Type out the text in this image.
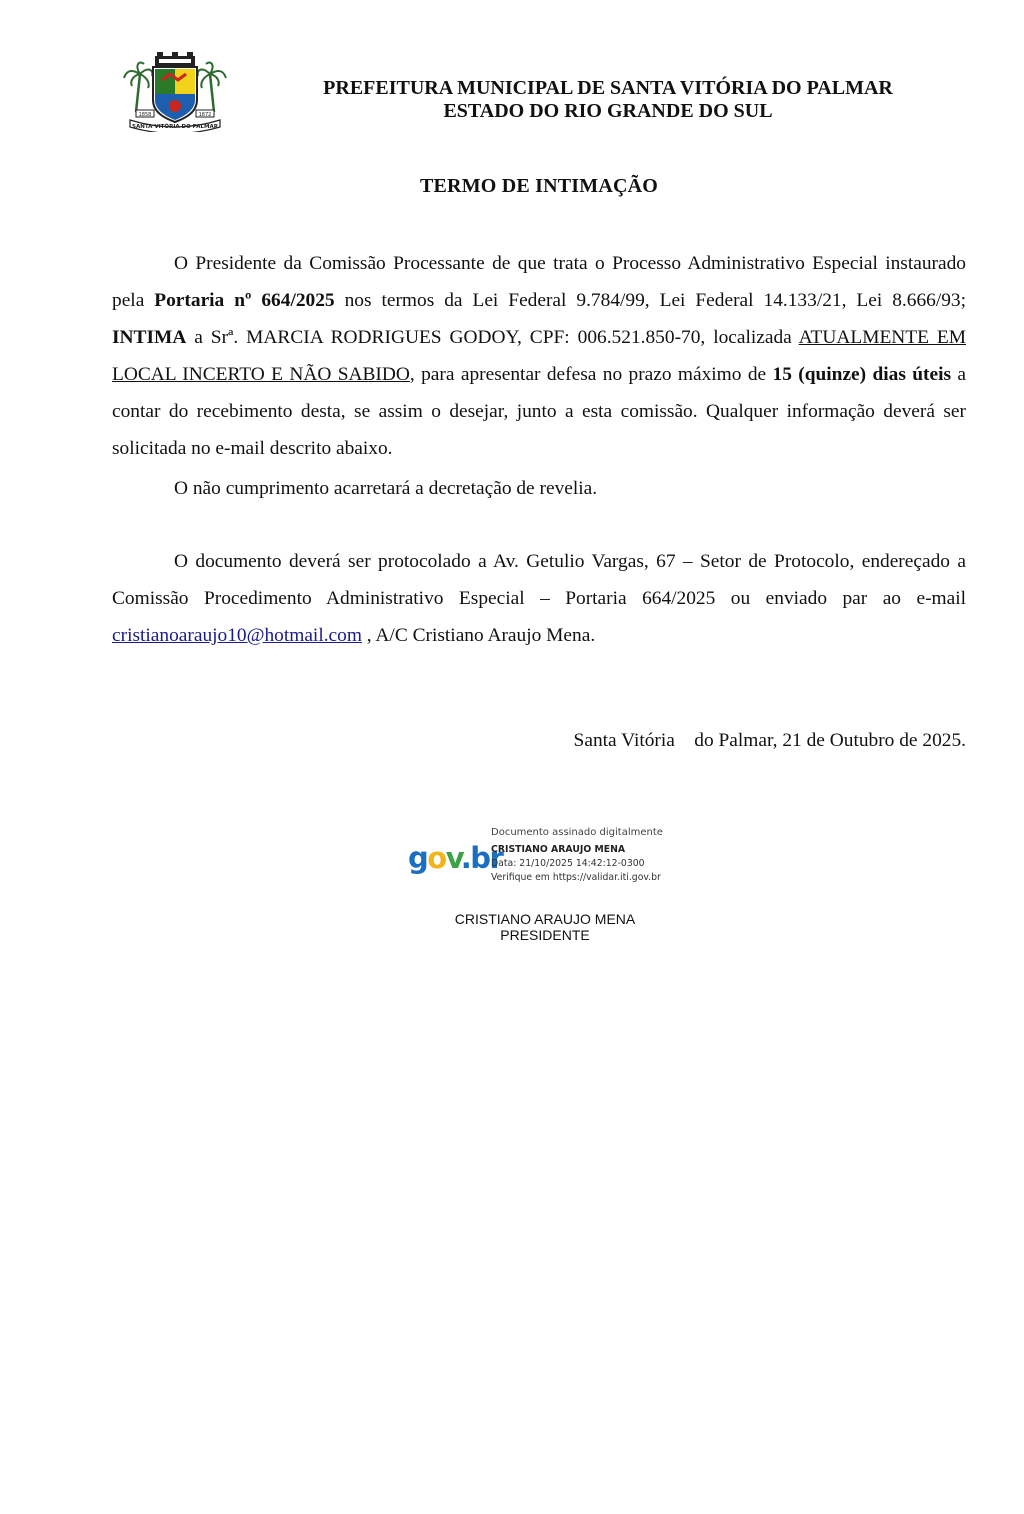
1858	1872
SANTA VITÓRIA DO PALMAR
PREFEITURA MUNICIPAL DE SANTA VITÓRIA DO PALMAR
ESTADO DO RIO GRANDE DO SUL
TERMO DE INTIMAÇÃO

O Presidente da Comissão Processante de que trata o Processo Administrativo Especial instaurado pela Portaria nº 664/2025 nos termos da Lei Federal 9.784/99, Lei Federal 14.133/21, Lei 8.666/93; INTIMA a Srª. MARCIA RODRIGUES GODOY, CPF: 006.521.850-70, localizada ATUALMENTE EM LOCAL INCERTO E NÃO SABIDO, para apresentar defesa no prazo máximo de 15 (quinze) dias úteis a contar do recebimento desta, se assim o desejar, junto a esta comissão. Qualquer informação deverá ser solicitada no e-mail descrito abaixo.

O não cumprimento acarretará a decretação de revelia.

O documento deverá ser protocolado a Av. Getulio Vargas, 67 – Setor de Protocolo, endereçado a Comissão Procedimento Administrativo Especial – Portaria 664/2025 ou enviado par ao e-mail cristianoaraujo10@hotmail.com , A/C Cristiano Araujo Mena.

Santa Vitória    do Palmar, 21 de Outubro de 2025.
gov.br
Documento assinado digitalmente
CRISTIANO ARAUJO MENA
Data: 21/10/2025 14:42:12-0300
Verifique em https://validar.iti.gov.br
CRISTIANO ARAUJO MENA
PRESIDENTE
